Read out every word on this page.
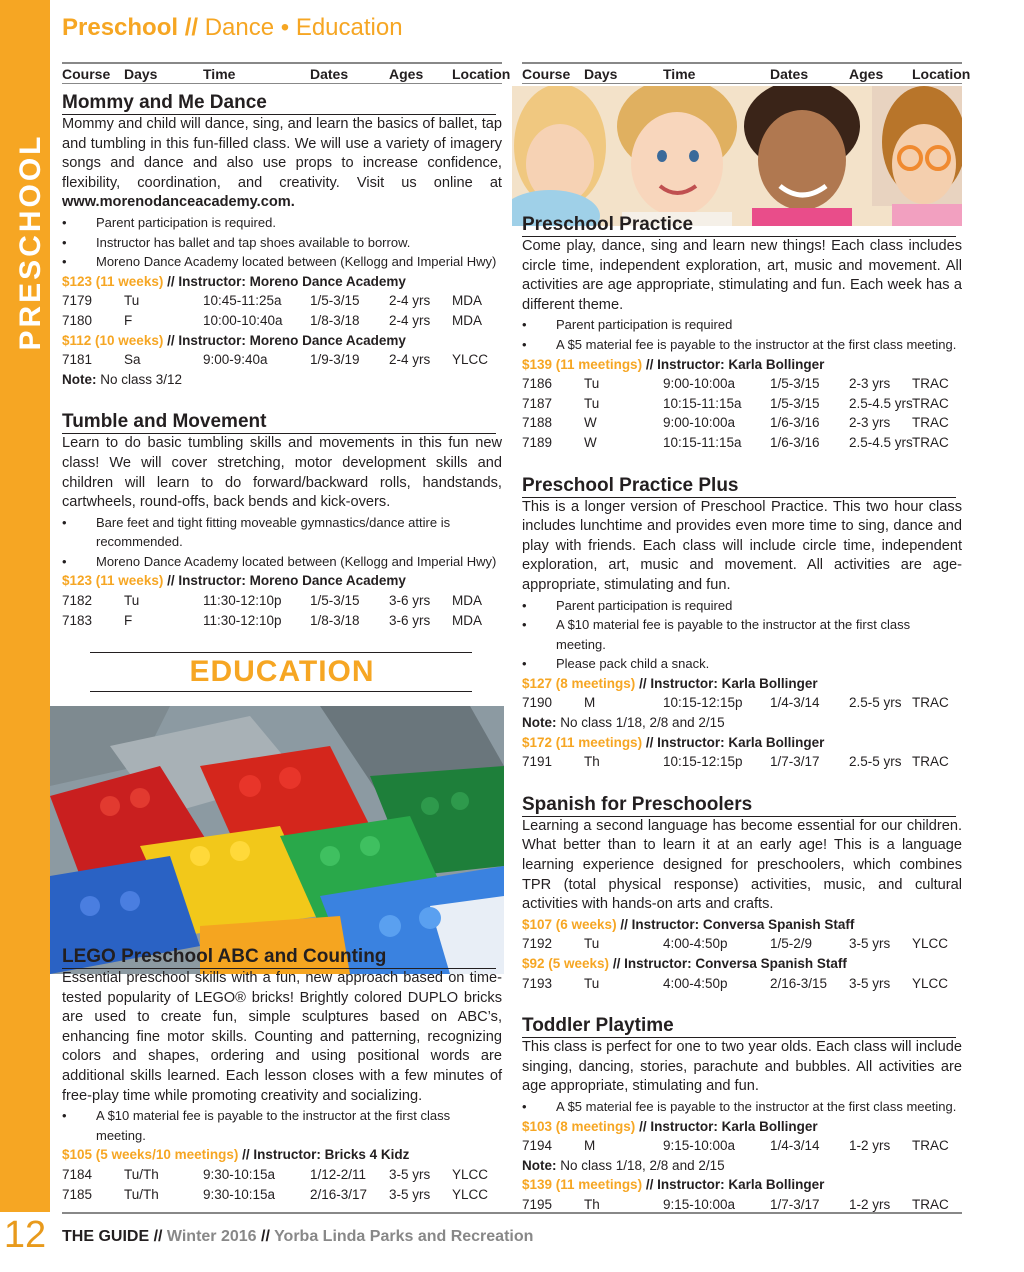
PRESCHOOL
12
Preschool // Dance • Education
Course Days	Time	Dates	Ages	Location
Mommy and Me Dance

Mommy and child will dance, sing, and learn the basics of ballet, tap and tumbling in this fun-filled class. We will use a variety of imagery songs and dance and also use props to increase confidence, flexibility, coordination, and creativity. Visit us online at www.morenodanceacademy.com.

• Parent participation is required.
• Instructor has ballet and tap shoes available to borrow.
• Moreno Dance Academy located between (Kellogg and Imperial Hwy)
$123 (11 weeks) // Instructor: Moreno Dance Academy
7179	Tu	10:45-11:25a	1/5-3/15	2-4 yrs	MDA
7180	F	10:00-10:40a	1/8-3/18	2-4 yrs	MDA
$112 (10 weeks) // Instructor: Moreno Dance Academy
7181	Sa	9:00-9:40a	1/9-3/19	2-4 yrs	YLCC
Note: No class 3/12
Tumble and Movement

Learn to do basic tumbling skills and movements in this fun new class! We will cover stretching, motor development skills and children will learn to do forward/backward rolls, handstands, cartwheels, round-offs, back bends and kick-overs.

• Bare feet and tight fitting moveable gymnastics/dance attire is recommended.
• Moreno Dance Academy located between (Kellogg and Imperial Hwy)
$123 (11 weeks) // Instructor: Moreno Dance Academy
7182	Tu	11:30-12:10p	1/5-3/15	3-6 yrs	MDA
7183	F	11:30-12:10p	1/8-3/18	3-6 yrs	MDA
EDUCATION
LEGO Preschool ABC and Counting

Essential preschool skills with a fun, new approach based on time-tested popularity of LEGO® bricks! Brightly colored DUPLO bricks are used to create fun, simple sculptures based on ABC’s, enhancing fine motor skills. Counting and patterning, recognizing colors and shapes, ordering and using positional words are additional skills learned. Each lesson closes with a few minutes of free-play time while promoting creativity and socializing.

• A $10 material fee is payable to the instructor at the first class meeting.
$105 (5 weeks/10 meetings) // Instructor: Bricks 4 Kidz
7184	Tu/Th	9:30-10:15a	1/12-2/11	3-5 yrs	YLCC
7185	Tu/Th	9:30-10:15a	2/16-3/17	3-5 yrs	YLCC
Course Days	Time	Dates	Ages	Location
Preschool Practice

Come play, dance, sing and learn new things! Each class includes circle time, independent exploration, art, music and movement. All activities are age appropriate, stimulating and fun. Each week has a different theme.

• Parent participation is required
• A $5 material fee is payable to the instructor at the first class meeting.
$139 (11 meetings) // Instructor: Karla Bollinger
7186	Tu	9:00-10:00a	1/5-3/15	2-3 yrs	TRAC
7187	Tu	10:15-11:15a	1/5-3/15	2.5-4.5 yrs TRAC
7188	W	9:00-10:00a	1/6-3/16	2-3 yrs	TRAC
7189	W	10:15-11:15a	1/6-3/16	2.5-4.5 yrs TRAC
Preschool Practice Plus

This is a longer version of Preschool Practice. This two hour class includes lunchtime and provides even more time to sing, dance and play with friends. Each class will include circle time, independent exploration, art, music and movement. All activities are age-appropriate, stimulating and fun.

• Parent participation is required
• A $10 material fee is payable to the instructor at the first class meeting.
• Please pack child a snack.
$127 (8 meetings) // Instructor: Karla Bollinger
7190	M	10:15-12:15p	1/4-3/14	2.5-5 yrs TRAC
Note: No class 1/18, 2/8 and 2/15
$172 (11 meetings) // Instructor: Karla Bollinger
7191	Th	10:15-12:15p	1/7-3/17	2.5-5 yrs TRAC
Spanish for Preschoolers

Learning a second language has become essential for our children. What better than to learn it at an early age! This is a language learning experience designed for preschoolers, which combines TPR (total physical response) activities, music, and cultural activities with hands-on arts and crafts.

$107 (6 weeks) // Instructor: Conversa Spanish Staff
7192	Tu	4:00-4:50p	1/5-2/9	3-5 yrs	YLCC
$92 (5 weeks) // Instructor: Conversa Spanish Staff
7193	Tu	4:00-4:50p	2/16-3/15	3-5 yrs	YLCC
Toddler Playtime

This class is perfect for one to two year olds. Each class will include singing, dancing, stories, parachute and bubbles. All activities are age appropriate, stimulating and fun.

• A $5 material fee is payable to the instructor at the first class meeting.
$103 (8 meetings) // Instructor: Karla Bollinger
7194	M	9:15-10:00a	1/4-3/14	1-2 yrs	TRAC
Note: No class 1/18, 2/8 and 2/15
$139 (11 meetings) // Instructor: Karla Bollinger
7195	Th	9:15-10:00a	1/7-3/17	1-2 yrs	TRAC
THE GUIDE // Winter 2016 // Yorba Linda Parks and Recreation
